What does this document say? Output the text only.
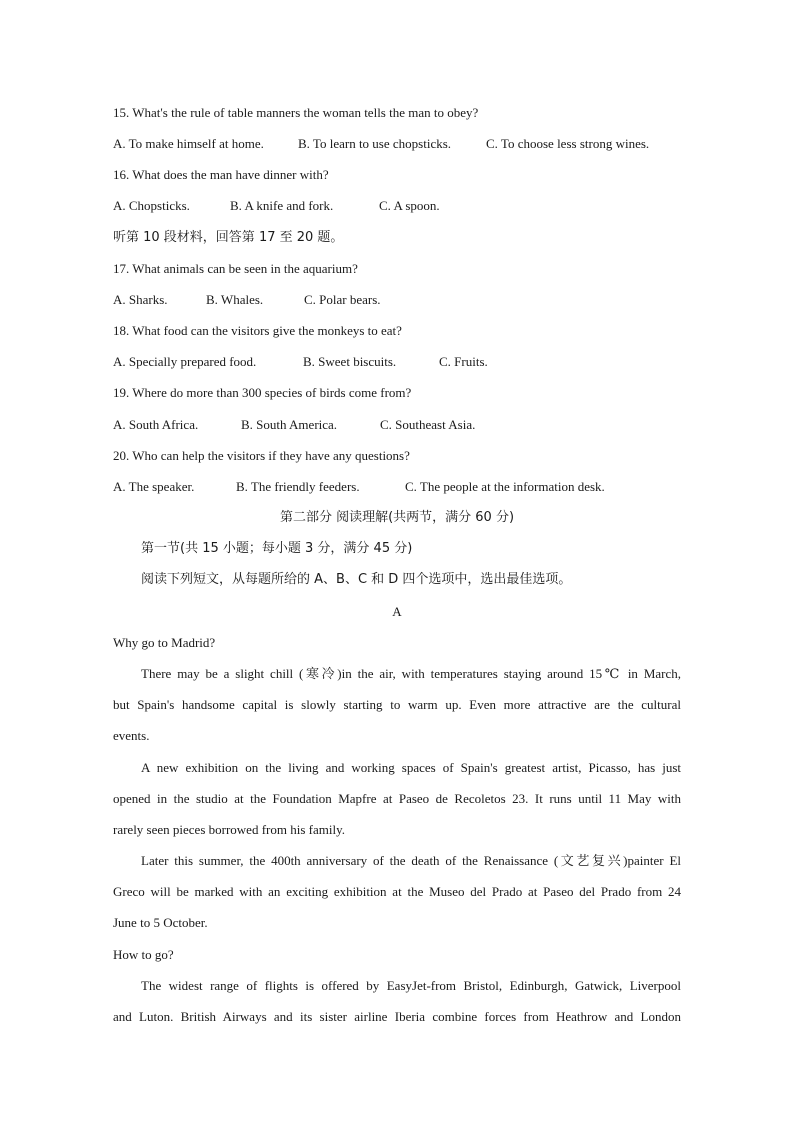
15. What's the rule of table manners the woman tells the man to obey?
A. To make himself at home.	B. To learn to use chopsticks.	C. To choose less strong wines.
16. What does the man have dinner with?
A. Chopsticks.	B. A knife and fork.	C. A spoon.
听第 10 段材料，回答第 17 至 20 题。
17. What animals can be seen in the aquarium?
A. Sharks.	B. Whales.	C. Polar bears.
18. What food can the visitors give the monkeys to eat?
A. Specially prepared food.	B. Sweet biscuits.	C. Fruits.
19. Where do more than 300 species of birds come from?
A. South Africa.	B. South America.	C. Southeast Asia.
20. Who can help the visitors if they have any questions?
A. The speaker.	B. The friendly feeders.	C. The people at the information desk.
第二部分 阅读理解(共两节，满分 60 分)
第一节(共 15 小题；每小题 3 分，满分 45 分)
阅读下列短文，从每题所给的 A、B、C 和 D 四个选项中，选出最佳选项。
A
Why go to Madrid?
There may be a slight chill (寒冷)in the air, with temperatures staying around 15℃ in March,
but Spain's handsome capital is slowly starting to warm up. Even more attractive are the cultural
events.
A new exhibition on the living and working spaces of Spain's greatest artist, Picasso, has just
opened in the studio at the Foundation Mapfre at Paseo de Recoletos 23. It runs until 11 May with
rarely seen pieces borrowed from his family.
Later this summer, the 400th anniversary of the death of the Renaissance (文艺复兴)painter El
Greco will be marked with an exciting exhibition at the Museo del Prado at Paseo del Prado from 24
June to 5 October.
How to go?
The widest range of flights is offered by EasyJet-from Bristol, Edinburgh, Gatwick, Liverpool
and Luton. British Airways and its sister airline Iberia combine forces from Heathrow and London
